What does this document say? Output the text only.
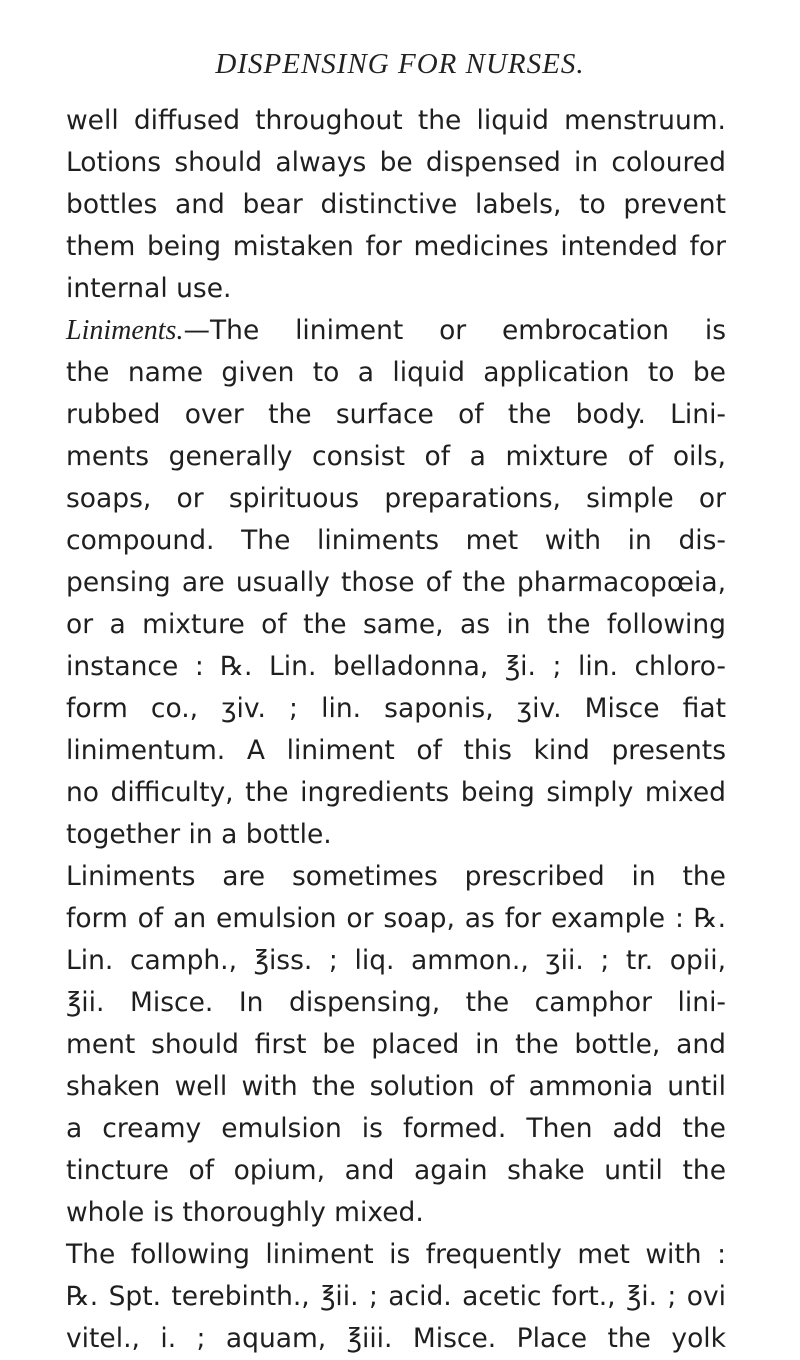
DISPENSING FOR NURSES.
well diffused throughout the liquid menstruum.
Lotions should always be dispensed in coloured
bottles and bear distinctive labels, to prevent
them being mistaken for medicines intended for
internal use.
Liniments.—The liniment or embrocation is
the name given to a liquid application to be
rubbed over the surface of the body. Lini-
ments generally consist of a mixture of oils,
soaps, or spirituous preparations, simple or
compound. The liniments met with in dis-
pensing are usually those of the pharmacopœia,
or a mixture of the same, as in the following
instance : ℞. Lin. belladonna, ℥i. ; lin. chloro-
form co., ʒiv. ; lin. saponis, ʒiv. Misce fiat
linimentum. A liniment of this kind presents
no difficulty, the ingredients being simply mixed
together in a bottle.
Liniments are sometimes prescribed in the
form of an emulsion or soap, as for example : ℞.
Lin. camph., ℥iss. ; liq. ammon., ʒii. ; tr. opii,
℥ii. Misce. In dispensing, the camphor lini-
ment should first be placed in the bottle, and
shaken well with the solution of ammonia until
a creamy emulsion is formed. Then add the
tincture of opium, and again shake until the
whole is thoroughly mixed.
The following liniment is frequently met with :
℞. Spt. terebinth., ℥ii. ; acid. acetic fort., ℥i. ; ovi
vitel., i. ; aquam, ℥iii. Misce. Place the yolk
